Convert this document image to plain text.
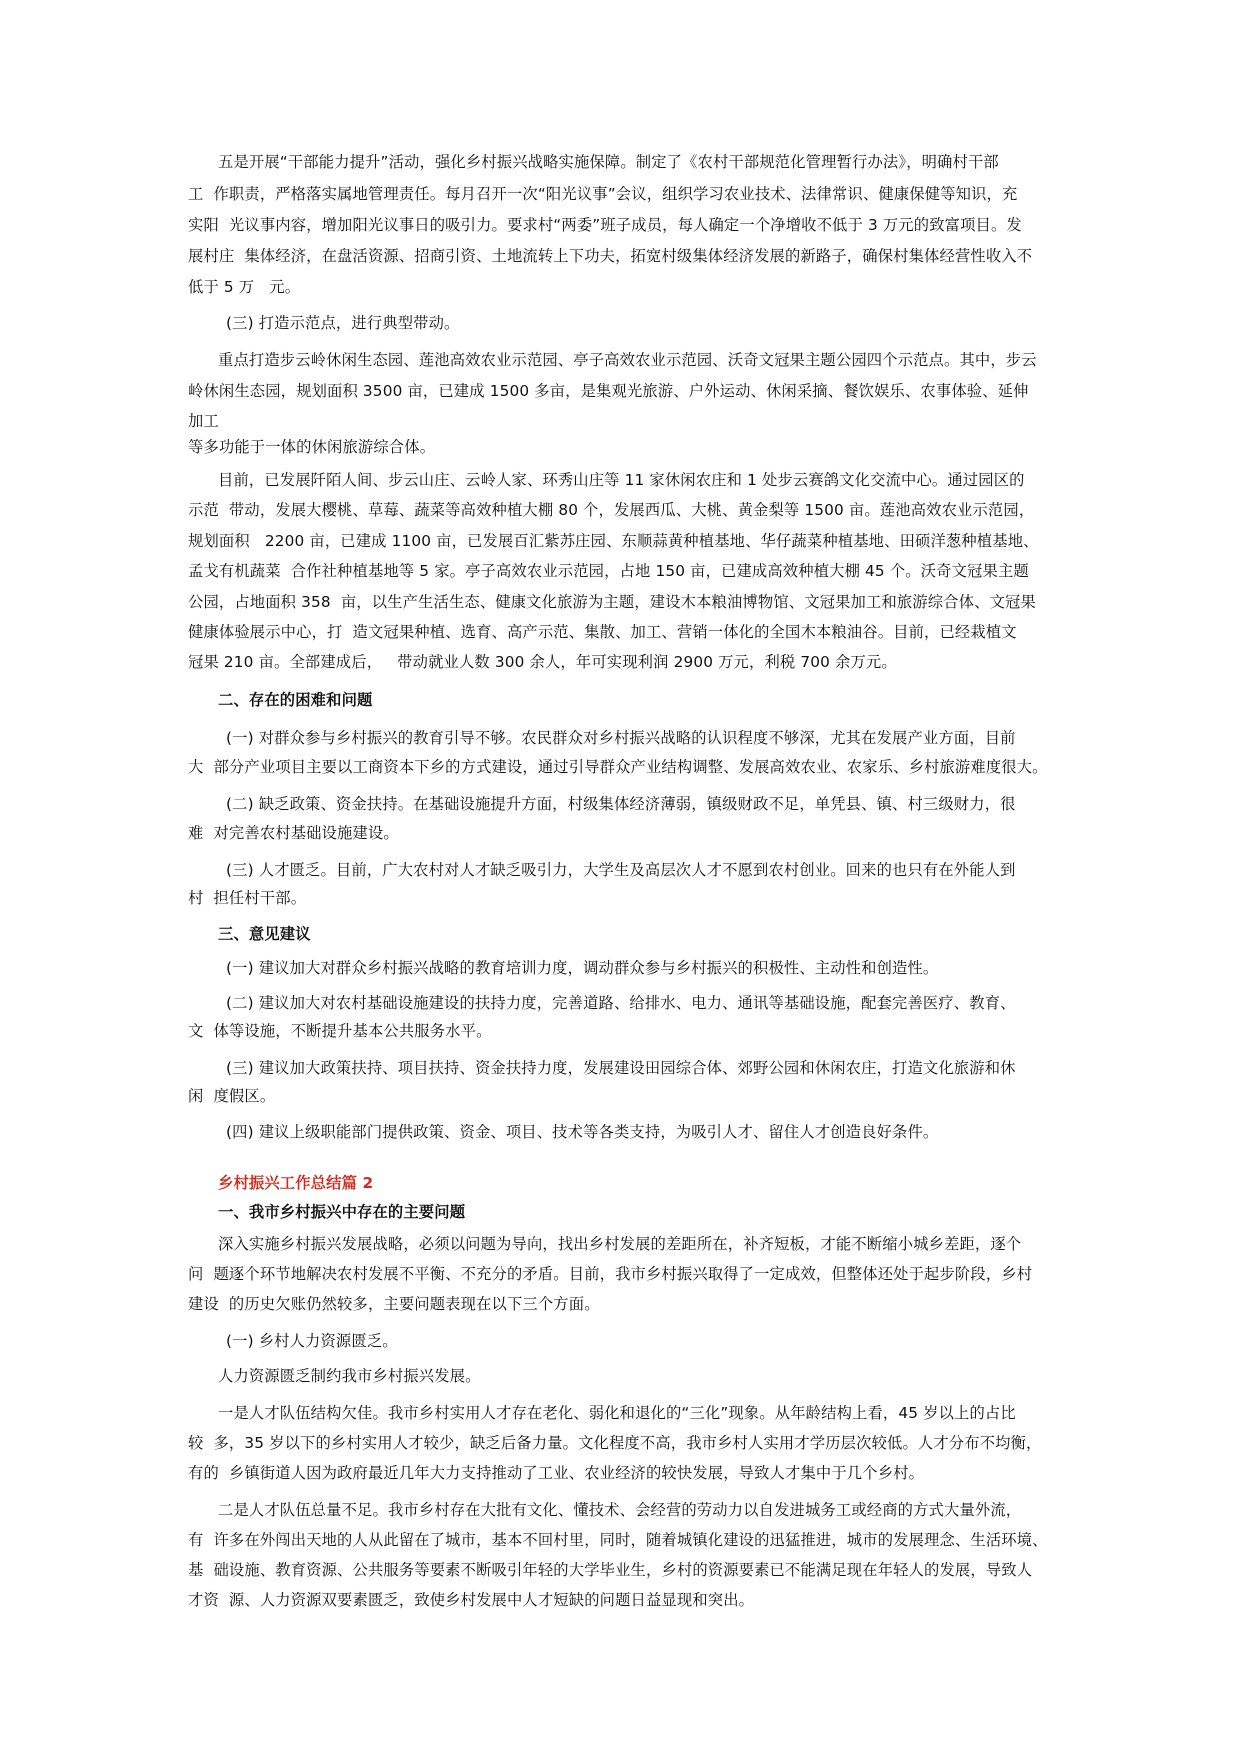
五是开展“干部能力提升”活动，强化乡村振兴战略实施保障。制定了《农村干部规范化管理暂行办法》，明确村干部
工  作职责，严格落实属地管理责任。每月召开一次“阳光议事”会议，组织学习农业技术、法律常识、健康保健等知识，充
实阳  光议事内容，增加阳光议事日的吸引力。要求村“两委”班子成员，每人确定一个净增收不低于 3 万元的致富项目。发
展村庄  集体经济，在盘活资源、招商引资、土地流转上下功夫，拓宽村级集体经济发展的新路子，确保村集体经营性收入不
低于 5 万   元。
(三) 打造示范点，进行典型带动。
重点打造步云岭休闲生态园、莲池高效农业示范园、亭子高效农业示范园、沃奇文冠果主题公园四个示范点。其中，步云
岭休闲生态园，规划面积 3500 亩，已建成 1500 多亩，是集观光旅游、户外运动、休闲采摘、餐饮娱乐、农事体验、延伸
加工
等多功能于一体的休闲旅游综合体。
目前，已发展阡陌人间、步云山庄、云岭人家、环秀山庄等 11 家休闲农庄和 1 处步云赛鸽文化交流中心。通过园区的
示范  带动，发展大樱桃、草莓、蔬菜等高效种植大棚 80 个，发展西瓜、大桃、黄金梨等 1500 亩。莲池高效农业示范园，
规划面积   2200 亩，已建成 1100 亩，已发展百汇紫苏庄园、东顺蒜黄种植基地、华仔蔬菜种植基地、田硕洋葱种植基地、
孟戈有机蔬菜  合作社种植基地等 5 家。亭子高效农业示范园，占地 150 亩，已建成高效种植大棚 45 个。沃奇文冠果主题
公园，占地面积 358  亩，以生产生活生态、健康文化旅游为主题，建设木本粮油博物馆、文冠果加工和旅游综合体、文冠果
健康体验展示中心，打  造文冠果种植、选育、高产示范、集散、加工、营销一体化的全国木本粮油谷。目前，已经栽植文
冠果 210 亩。全部建成后，   带动就业人数 300 余人，年可实现利润 2900 万元，利税 700 余万元。
二、存在的困难和问题
(一) 对群众参与乡村振兴的教育引导不够。农民群众对乡村振兴战略的认识程度不够深，尤其在发展产业方面，目前
大  部分产业项目主要以工商资本下乡的方式建设，通过引导群众产业结构调整、发展高效农业、农家乐、乡村旅游难度很大。
(二) 缺乏政策、资金扶持。在基础设施提升方面，村级集体经济薄弱，镇级财政不足，单凭县、镇、村三级财力，很
难  对完善农村基础设施建设。
(三) 人才匮乏。目前，广大农村对人才缺乏吸引力，大学生及高层次人才不愿到农村创业。回来的也只有在外能人到
村  担任村干部。
三、意见建议
(一) 建议加大对群众乡村振兴战略的教育培训力度，调动群众参与乡村振兴的积极性、主动性和创造性。
(二) 建议加大对农村基础设施建设的扶持力度，完善道路、给排水、电力、通讯等基础设施，配套完善医疗、教育、
文  体等设施，不断提升基本公共服务水平。
(三) 建议加大政策扶持、项目扶持、资金扶持力度，发展建设田园综合体、郊野公园和休闲农庄，打造文化旅游和休
闲  度假区。
(四) 建议上级职能部门提供政策、资金、项目、技术等各类支持，为吸引人才、留住人才创造良好条件。
乡村振兴工作总结篇 2
一、我市乡村振兴中存在的主要问题
深入实施乡村振兴发展战略，必须以问题为导向，找出乡村发展的差距所在，补齐短板，才能不断缩小城乡差距，逐个
问  题逐个环节地解决农村发展不平衡、不充分的矛盾。目前，我市乡村振兴取得了一定成效，但整体还处于起步阶段，乡村
建设  的历史欠账仍然较多，主要问题表现在以下三个方面。
(一) 乡村人力资源匮乏。
人力资源匮乏制约我市乡村振兴发展。
一是人才队伍结构欠佳。我市乡村实用人才存在老化、弱化和退化的“三化”现象。从年龄结构上看，45 岁以上的占比
较  多，35 岁以下的乡村实用人才较少，缺乏后备力量。文化程度不高，我市乡村人实用才学历层次较低。人才分布不均衡，
有的  乡镇街道人因为政府最近几年大力支持推动了工业、农业经济的较快发展，导致人才集中于几个乡村。
二是人才队伍总量不足。我市乡村存在大批有文化、懂技术、会经营的劳动力以自发进城务工或经商的方式大量外流，
有  许多在外闯出天地的人从此留在了城市，基本不回村里，同时，随着城镇化建设的迅猛推进，城市的发展理念、生活环境、
基  础设施、教育资源、公共服务等要素不断吸引年轻的大学毕业生，乡村的资源要素已不能满足现在年轻人的发展，导致人
才资  源、人力资源双要素匮乏，致使乡村发展中人才短缺的问题日益显现和突出。
